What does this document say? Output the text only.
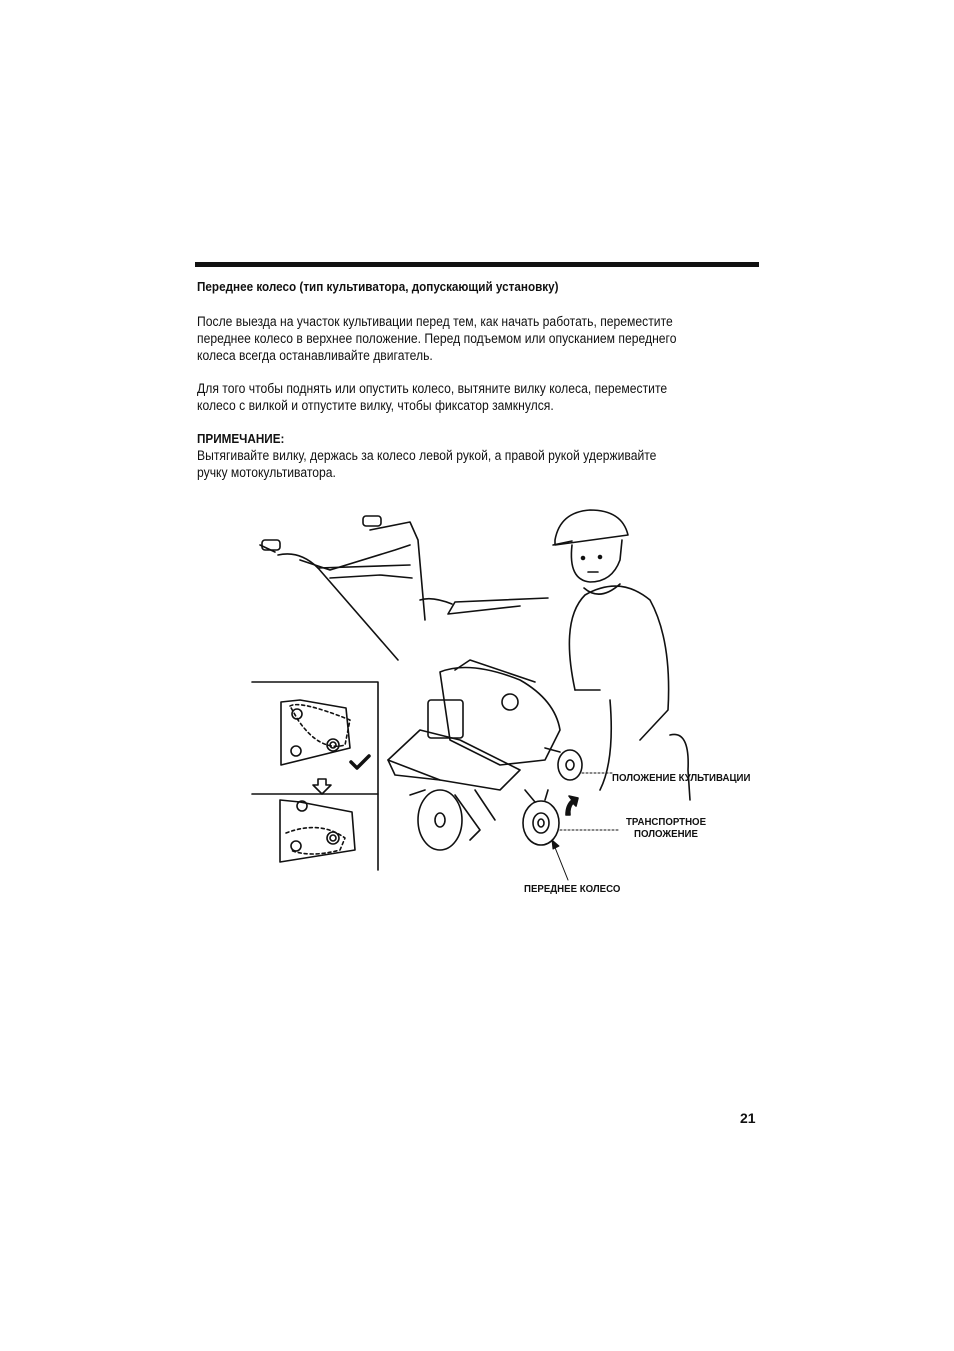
Переднее колесо (тип культиватора, допускающий установку)
После выезда на участок культивации перед тем, как начать работать, переместите
переднее колесо в верхнее положение. Перед подъемом или опусканием переднего
колеса всегда останавливайте двигатель.
Для того чтобы поднять или опустить колесо, вытяните вилку колеса, переместите
колесо с вилкой и отпустите вилку, чтобы фиксатор замкнулся.
ПРИМЕЧАНИЕ:
Вытягивайте вилку, держась за колесо левой рукой, а правой рукой удерживайте
ручку мотокультиватора.
ПОЛОЖЕНИЕ КУЛЬТИВАЦИИ
ТРАНСПОРТНОЕ
ПОЛОЖЕНИЕ
ПЕРЕДНЕЕ КОЛЕСО
21
